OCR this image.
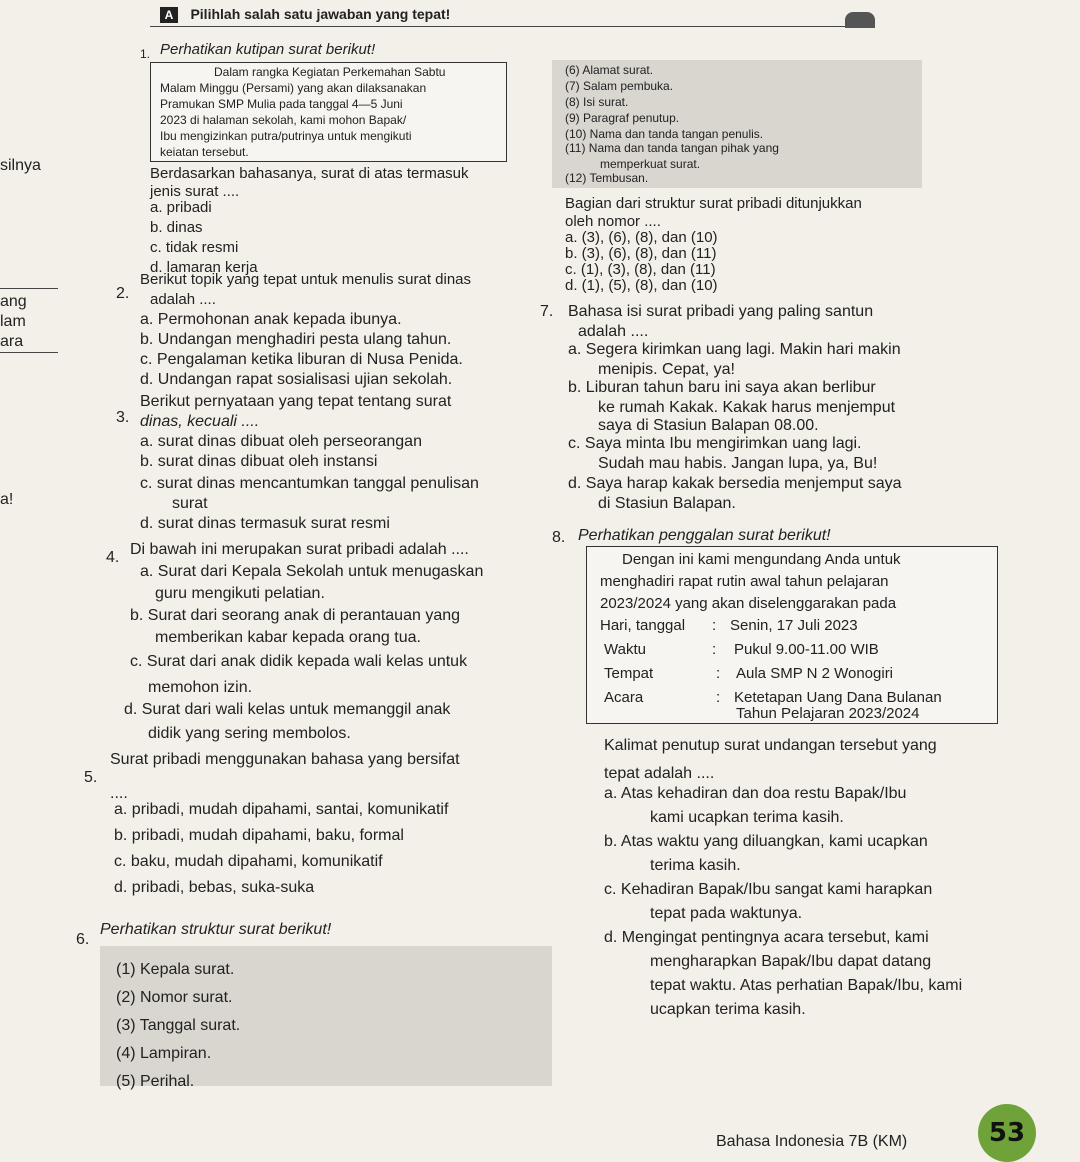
A Pilihlah salah satu jawaban yang tepat!
silnya
ang
lam
ara
a!
1. Perhatikan kutipan surat berikut!
Dalam rangka Kegiatan Perkemahan Sabtu
Malam Minggu (Persami) yang akan dilaksanakan
Pramukan SMP Mulia pada tanggal 4—5 Juni
2023 di halaman sekolah, kami mohon Bapak/
Ibu mengizinkan putra/putrinya untuk mengikuti
keiatan tersebut.
Berdasarkan bahasanya, surat di atas termasuk
jenis surat ....
a. pribadi
b. dinas
c. tidak resmi
d. lamaran kerja
2.
Berikut topik yang tepat untuk menulis surat dinas
adalah ....
a. Permohonan anak kepada ibunya.
b. Undangan menghadiri pesta ulang tahun.
c. Pengalaman ketika liburan di Nusa Penida.
d. Undangan rapat sosialisasi ujian sekolah.
3.
Berikut pernyataan yang tepat tentang surat
dinas, kecuali ....
a. surat dinas dibuat oleh perseorangan
b. surat dinas dibuat oleh instansi
c. surat dinas mencantumkan tanggal penulisan
surat
d. surat dinas termasuk surat resmi
4. Di bawah ini merupakan surat pribadi adalah ....
a. Surat dari Kepala Sekolah untuk menugaskan
guru mengikuti pelatian.
b. Surat dari seorang anak di perantauan yang
memberikan kabar kepada orang tua.
c. Surat dari anak didik kepada wali kelas untuk
memohon izin.
d. Surat dari wali kelas untuk memanggil anak
didik yang sering membolos.
5.
Surat pribadi menggunakan bahasa yang bersifat
....
a. pribadi, mudah dipahami, santai, komunikatif
b. pribadi, mudah dipahami, baku, formal
c. baku, mudah dipahami, komunikatif
d. pribadi, bebas, suka-suka
6.
Perhatikan struktur surat berikut!
(1) Kepala surat.
(2) Nomor surat.
(3) Tanggal surat.
(4) Lampiran.
(5) Perihal.
(6) Alamat surat.
(7) Salam pembuka.
(8) Isi surat.
(9) Paragraf penutup.
(10) Nama dan tanda tangan penulis.
(11) Nama dan tanda tangan pihak yang
memperkuat surat.
(12) Tembusan.
Bagian dari struktur surat pribadi ditunjukkan
oleh nomor ....
a. (3), (6), (8), dan (10)
b. (3), (6), (8), dan (11)
c. (1), (3), (8), dan (11)
d. (1), (5), (8), dan (10)
7. Bahasa isi surat pribadi yang paling santun
adalah ....
a. Segera kirimkan uang lagi. Makin hari makin
menipis. Cepat, ya!
b. Liburan tahun baru ini saya akan berlibur
ke rumah Kakak. Kakak harus menjemput
saya di Stasiun Balapan 08.00.
c. Saya minta Ibu mengirimkan uang lagi.
Sudah mau habis. Jangan lupa, ya, Bu!
d. Saya harap kakak bersedia menjemput saya
di Stasiun Balapan.
8. Perhatikan penggalan surat berikut!
Dengan ini kami mengundang Anda untuk
menghadiri rapat rutin awal tahun pelajaran
2023/2024 yang akan diselenggarakan pada
Hari, tanggal : Senin, 17 Juli 2023
Waktu	: Pukul 9.00-11.00 WIB
Tempat	: Aula SMP N 2 Wonogiri
Acara	: Ketetapan Uang Dana Bulanan
Tahun Pelajaran 2023/2024
Kalimat penutup surat undangan tersebut yang
tepat adalah ....
a. Atas kehadiran dan doa restu Bapak/Ibu
kami ucapkan terima kasih.
b. Atas waktu yang diluangkan, kami ucapkan
terima kasih.
c. Kehadiran Bapak/Ibu sangat kami harapkan
tepat pada waktunya.
d. Mengingat pentingnya acara tersebut, kami
mengharapkan Bapak/Ibu dapat datang
tepat waktu. Atas perhatian Bapak/Ibu, kami
ucapkan terima kasih.
Bahasa Indonesia 7B (KM)	53
